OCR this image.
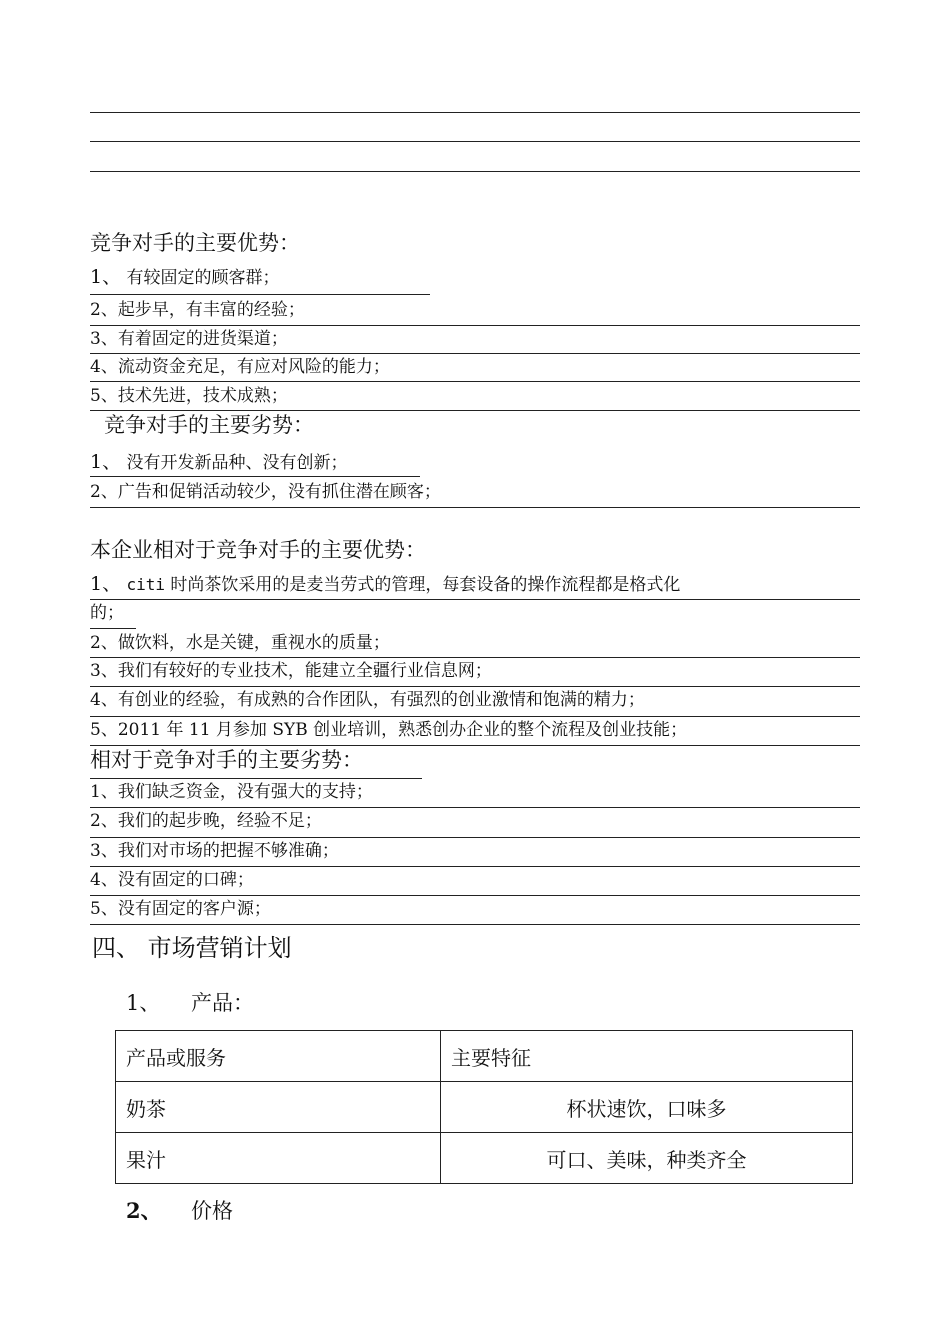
竞争对手的主要优势：
1、 有较固定的顾客群；
2、起步早，有丰富的经验；
3、有着固定的进货渠道；
4、流动资金充足，有应对风险的能力；
5、技术先进，技术成熟；
竞争对手的主要劣势：
1、 没有开发新品种、没有创新；
2、广告和促销活动较少，没有抓住潜在顾客；
本企业相对于竞争对手的主要优势：
1、 citi 时尚茶饮采用的是麦当劳式的管理，每套设备的操作流程都是格式化
的；
2、做饮料，水是关键，重视水的质量；
3、我们有较好的专业技术，能建立全疆行业信息网；
4、有创业的经验，有成熟的合作团队，有强烈的创业激情和饱满的精力；
5、2011 年 11 月参加 SYB 创业培训，熟悉创办企业的整个流程及创业技能；
相对于竞争对手的主要劣势：
1、我们缺乏资金，没有强大的支持；
2、我们的起步晚，经验不足；
3、我们对市场的把握不够准确；
4、没有固定的口碑；
5、没有固定的客户源；
四、 市场营销计划
1、 产品：
产品或服务	主要特征
奶茶	杯状速饮，口味多
果汁	可口、美味，种类齐全
2、 价格
